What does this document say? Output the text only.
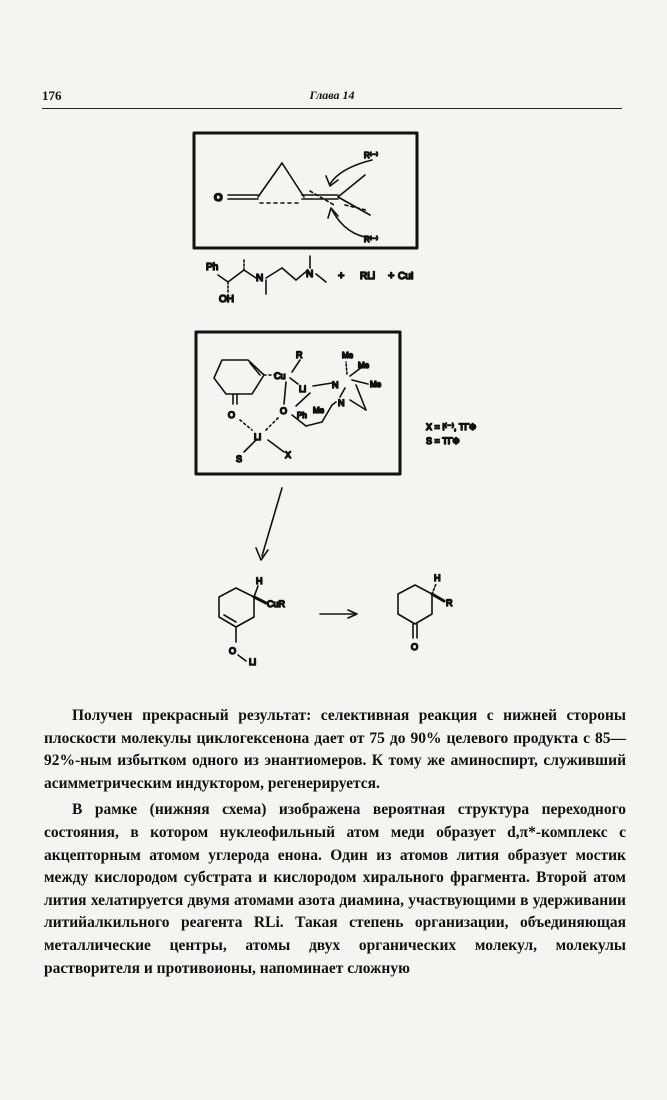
176	Глава 14
O
R⁽⁻⁾
R⁽⁻⁾
Ph
OH
N	N + RLi + CuI
R
Cu
Li	N
N
Me
Me
Me
Me
O	O Ph
Li
S	X
X = I⁽⁻⁾, ТГФ
S = ТГФ
H
CuR
O
Li
H
R
O

Получен прекрасный результат: селективная реакция с нижней стороны плоскости молекулы циклогексенона дает от 75 до 90% целевого продукта с 85—92%-ным избытком одного из энантиомеров. К тому же аминоспирт, служивший асимметрическим индуктором, регенерируется.

В рамке (нижняя схема) изображена вероятная структура переходного состояния, в котором нуклеофильный атом меди образует d,π*-комплекс с акцепторным атомом углерода енона. Один из атомов лития образует мостик между кислородом субстрата и кислородом хирального фрагмента. Второй атом лития хелатируется двумя атомами азота диамина, участвующими в удерживании литийалкильного реагента RLi. Такая степень организации, объединяющая металлические центры, атомы двух органических молекул, молекулы растворителя и противоионы, напоминает сложную
